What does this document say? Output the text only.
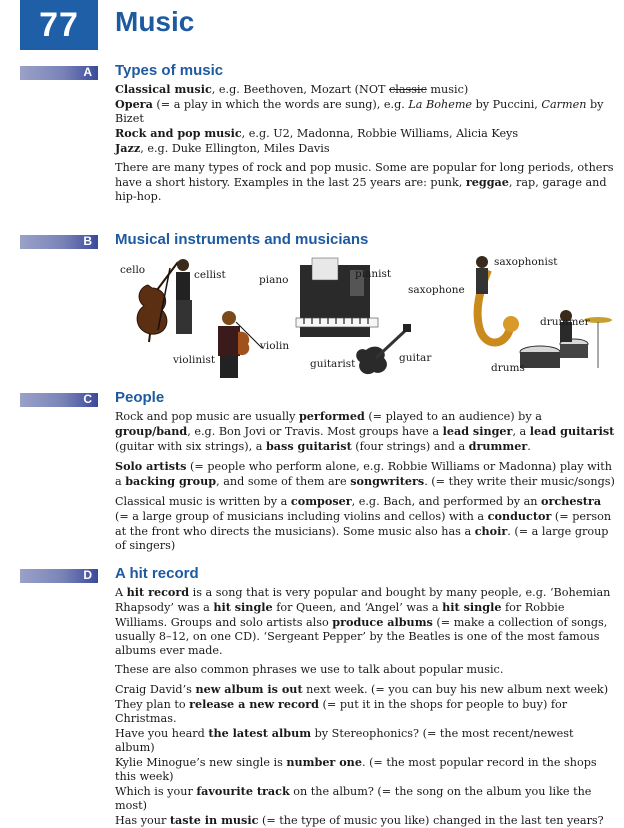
77	Music
A Types of music

Classical music, e.g. Beethoven, Mozart (NOT classic music)

Opera (= a play in which the words are sung), e.g. La Boheme by Puccini, Carmen by Bizet

Rock and pop music, e.g. U2, Madonna, Robbie Williams, Alicia Keys

Jazz, e.g. Duke Ellington, Miles Davis

There are many types of rock and pop music. Some are popular for long periods, others have a short history. Examples in the last 25 years are: punk, reggae, rap, garage and hip-hop.

B Musical instruments and musicians
cello	cellist	piano	pianist
saxophone
saxophonist
violin
violinist	guitarist	guitar
drummer
drums
C People

Rock and pop music are usually performed (= played to an audience) by a group/band, e.g. Bon Jovi or Travis. Most groups have a lead singer, a lead guitarist (guitar with six strings), a bass guitarist (four strings) and a drummer.

Solo artists (= people who perform alone, e.g. Robbie Williams or Madonna) play with a backing group, and some of them are songwriters. (= they write their music/songs)

Classical music is written by a composer, e.g. Bach, and performed by an orchestra (= a large group of musicians including violins and cellos) with a conductor (= person at the front who directs the musicians). Some music also has a choir. (= a large group of singers)

D A hit record

A hit record is a song that is very popular and bought by many people, e.g. ‘Bohemian Rhapsody’ was a hit single for Queen, and ‘Angel’ was a hit single for Robbie Williams. Groups and solo artists also produce albums (= make a collection of songs, usually 8–12, on one CD). ‘Sergeant Pepper’ by the Beatles is one of the most famous albums ever made.

These are also common phrases we use to talk about popular music.

Craig David’s new album is out next week. (= you can buy his new album next week)

They plan to release a new record (= put it in the shops for people to buy) for Christmas.

Have you heard the latest album by Stereophonics? (= the most recent/newest album)

Kylie Minogue’s new single is number one. (= the most popular record in the shops this week)

Which is your favourite track on the album? (= the song on the album you like the most)

Has your taste in music (= the type of music you like) changed in the last ten years?
